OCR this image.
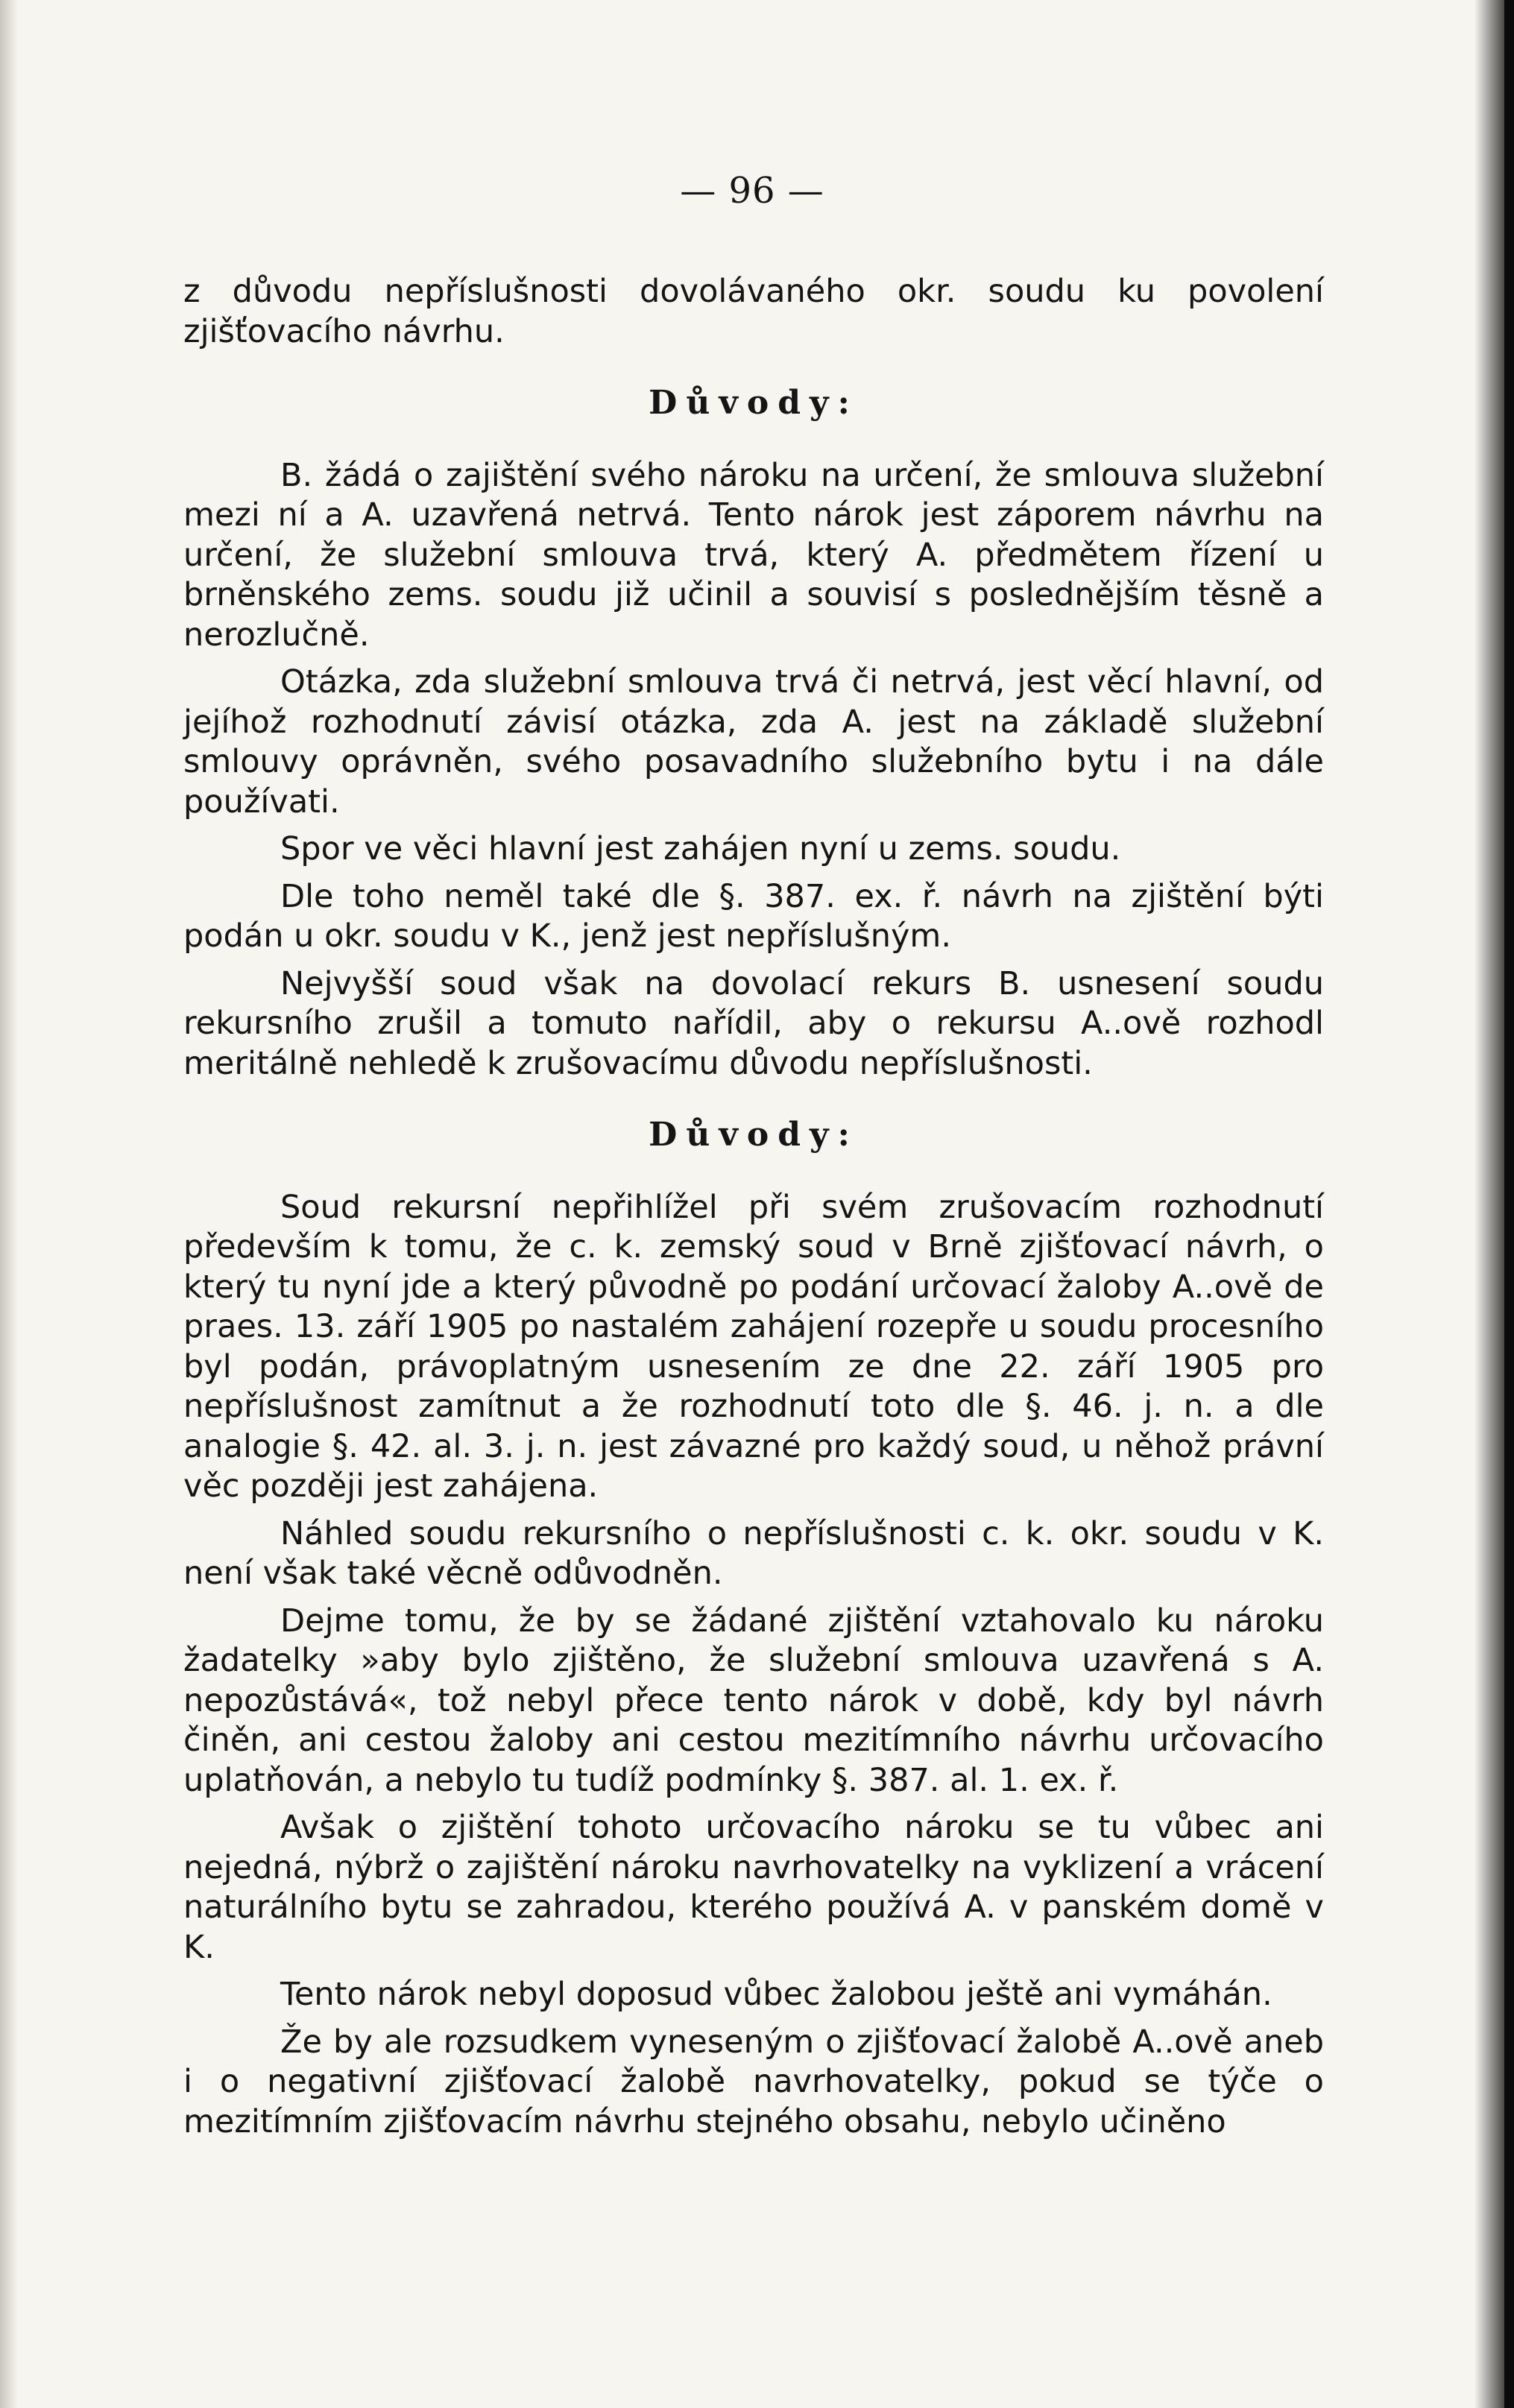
— 96 —

z důvodu nepříslušnosti dovolávaného okr. soudu ku povolení zjišťovacího návrhu.

Důvody:

B. žádá o zajištění svého nároku na určení, že smlouva služební mezi ní a A. uzavřená netrvá. Tento nárok jest záporem návrhu na určení, že služební smlouva trvá, který A. předmětem řízení u brněnského zems. soudu již učinil a souvisí s poslednějším těsně a nerozlučně.

Otázka, zda služební smlouva trvá či netrvá, jest věcí hlavní, od jejíhož rozhodnutí závisí otázka, zda A. jest na základě služební smlouvy oprávněn, svého posavadního služebního bytu i na dále používati.

Spor ve věci hlavní jest zahájen nyní u zems. soudu.

Dle toho neměl také dle §. 387. ex. ř. návrh na zjištění býti podán u okr. soudu v K., jenž jest nepříslušným.

Nejvyšší soud však na dovolací rekurs B. usnesení soudu rekursního zrušil a tomuto nařídil, aby o rekursu A..ově rozhodl meritálně nehledě k zrušovacímu důvodu nepříslušnosti.

Důvody:

Soud rekursní nepřihlížel při svém zrušovacím rozhodnutí především k tomu, že c. k. zemský soud v Brně zjišťovací návrh, o který tu nyní jde a který původně po podání určovací žaloby A..ově de praes. 13. září 1905 po nastalém zahájení rozepře u soudu procesního byl podán, právoplatným usnesením ze dne 22. září 1905 pro nepříslušnost zamítnut a že rozhodnutí toto dle §. 46. j. n. a dle analogie §. 42. al. 3. j. n. jest závazné pro každý soud, u něhož právní věc později jest zahájena.

Náhled soudu rekursního o nepříslušnosti c. k. okr. soudu v K. není však také věcně odůvodněn.

Dejme tomu, že by se žádané zjištění vztahovalo ku nároku žadatelky »aby bylo zjištěno, že služební smlouva uzavřená s A. nepozůstává«, tož nebyl přece tento nárok v době, kdy byl návrh činěn, ani cestou žaloby ani cestou mezitímního návrhu určovacího uplatňován, a nebylo tu tudíž podmínky §. 387. al. 1. ex. ř.

Avšak o zjištění tohoto určovacího nároku se tu vůbec ani nejedná, nýbrž o zajištění nároku navrhovatelky na vyklizení a vrácení naturálního bytu se zahradou, kterého používá A. v panském domě v K.

Tento nárok nebyl doposud vůbec žalobou ještě ani vymáhán.

Že by ale rozsudkem vyneseným o zjišťovací žalobě A..ově aneb i o negativní zjišťovací žalobě navrhovatelky, pokud se týče o mezitímním zjišťovacím návrhu stejného obsahu, nebylo učiněno
